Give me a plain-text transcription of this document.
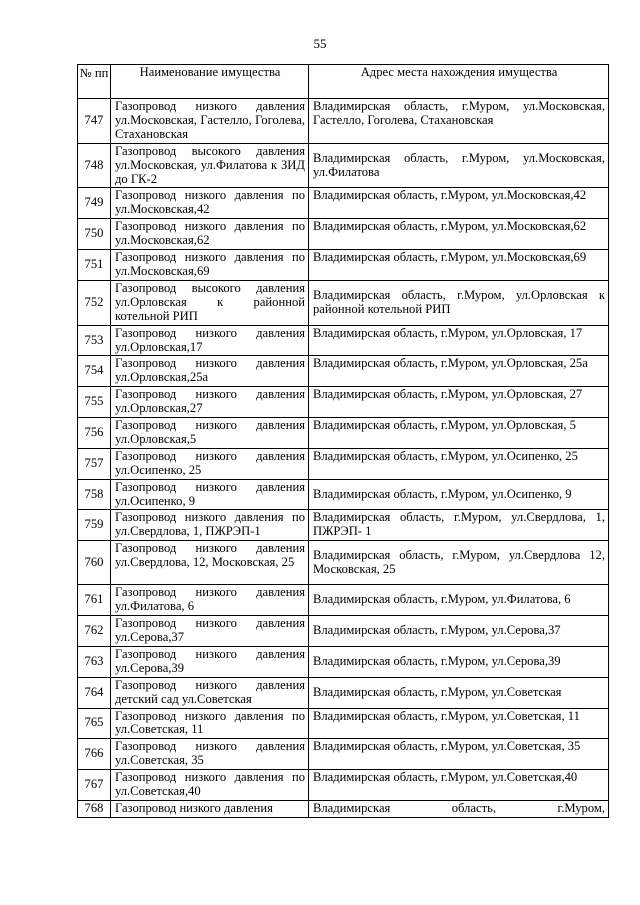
55
№ пп	Наименование имущества	Адрес места нахождения имущества
747	Газопровод низкого давления ул.Московская, Гастелло, Гоголева, Стахановская	Владимирская область, г.Муром, ул.Московская, Гастелло, Гоголева, Стахановская
748	Газопровод высокого давления ул.Московская, ул.Филатова к ЗИД до ГК-2	Владимирская область, г.Муром, ул.Московская, ул.Филатова
749	Газопровод низкого давления по ул.Московская,42	Владимирская область, г.Муром, ул.Московская,42
750	Газопровод низкого давления по ул.Московская,62	Владимирская область, г.Муром, ул.Московская,62
751	Газопровод низкого давления по ул.Московская,69	Владимирская область, г.Муром, ул.Московская,69
752	Газопровод высокого давления ул.Орловская к районной котельной РИП	Владимирская область, г.Муром, ул.Орловская к районной котельной РИП
753	Газопровод низкого давления ул.Орловская,17	Владимирская область, г.Муром, ул.Орловская, 17
754	Газопровод низкого давления ул.Орловская,25а	Владимирская область, г.Муром, ул.Орловская, 25а
755	Газопровод низкого давления ул.Орловская,27	Владимирская область, г.Муром, ул.Орловская, 27
756	Газопровод низкого давления ул.Орловская,5	Владимирская область, г.Муром, ул.Орловская, 5
757	Газопровод низкого давления ул.Осипенко, 25	Владимирская область, г.Муром, ул.Осипенко, 25
758	Газопровод низкого давления ул.Осипенко, 9	Владимирская область, г.Муром, ул.Осипенко, 9
759	Газопровод низкого давления по ул.Свердлова, 1, ПЖРЭП-1	Владимирская область, г.Муром, ул.Свердлова, 1, ПЖРЭП- 1
760	Газопровод низкого давления ул.Свердлова, 12, Московская, 25	Владимирская область, г.Муром, ул.Свердлова 12, Московская, 25
761	Газопровод низкого давления ул.Филатова, 6	Владимирская область, г.Муром, ул.Филатова, 6
762	Газопровод низкого давления ул.Серова,37	Владимирская область, г.Муром, ул.Серова,37
763	Газопровод низкого давления ул.Серова,39	Владимирская область, г.Муром, ул.Серова,39
764	Газопровод низкого давления детский сад ул.Советская	Владимирская область, г.Муром, ул.Советская
765	Газопровод низкого давления по ул.Советская, 11	Владимирская область, г.Муром, ул.Советская, 11
766	Газопровод низкого давления ул.Советская, 35	Владимирская область, г.Муром, ул.Советская, 35
767	Газопровод низкого давления по ул.Советская,40	Владимирская область, г.Муром, ул.Советская,40
768	Газопровод низкого давления	Владимирская область, г.Муром,
